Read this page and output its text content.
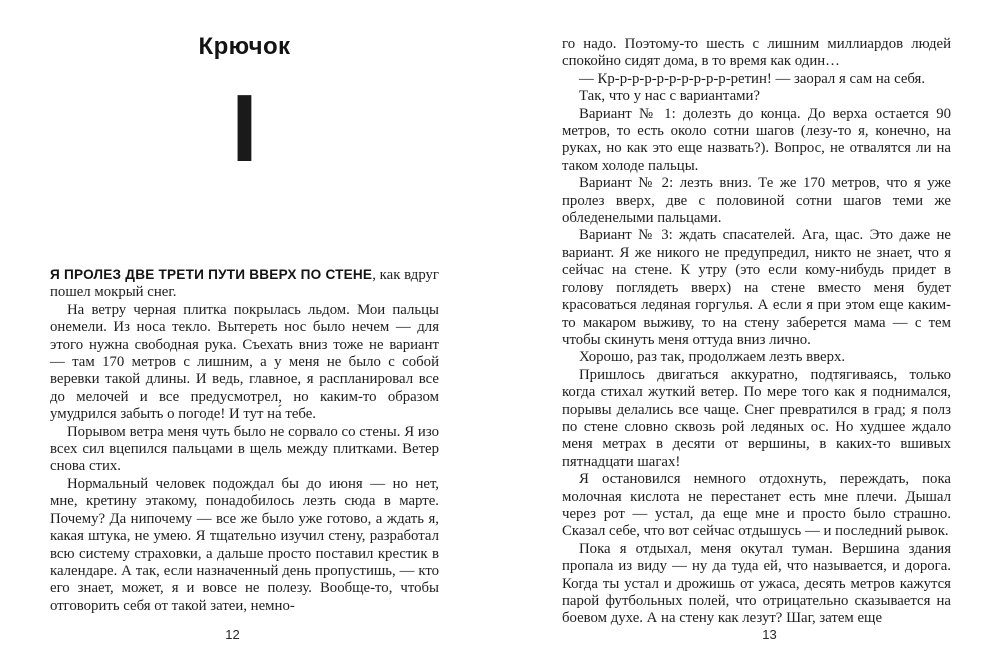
Крючок
I

Я ПРОЛЕЗ ДВЕ ТРЕТИ ПУТИ ВВЕРХ ПО СТЕНЕ, как вдруг пошел мокрый снег.

На ветру черная плитка покрылась льдом. Мои пальцы онемели. Из носа текло. Вытереть нос было нечем — для этого нужна свободная рука. Съехать вниз тоже не вариант — там 170 метров с лишним, а у меня не было с собой веревки такой длины. И ведь, главное, я распланировал все до мелочей и все предусмотрел, но каким-то образом умудрился забыть о погоде! И тут на́ тебе.

Порывом ветра меня чуть было не сорвало со стены. Я изо всех сил вцепился пальцами в щель между плитками. Ветер снова стих.

Нормальный человек подождал бы до июня — но нет, мне, кретину этакому, понадобилось лезть сюда в марте. Почему? Да нипочему — все же было уже готово, а ждать я, какая штука, не умею. Я тщательно изучил стену, разработал всю систему страховки, а дальше просто поставил крестик в календаре. А так, если назначенный день пропустишь, — кто его знает, может, я и вовсе не полезу. Вообще-то, чтобы отговорить себя от такой затеи, немно-

12

го надо. Поэтому-то шесть с лишним миллиардов людей спокойно сидят дома, в то время как один…

— Кр-р-р-р-р-р-р-р-р-р-ретин! — заорал я сам на себя.

Так, что у нас с вариантами?

Вариант № 1: долезть до конца. До верха остается 90 метров, то есть около сотни шагов (лезу-то я, конечно, на руках, но как это еще назвать?). Вопрос, не отвалятся ли на таком холоде пальцы.

Вариант № 2: лезть вниз. Те же 170 метров, что я уже пролез вверх, две с половиной сотни шагов теми же обледенелыми пальцами.

Вариант № 3: ждать спасателей. Ага, щас. Это даже не вариант. Я же никого не предупредил, никто не знает, что я сейчас на стене. К утру (это если кому-нибудь придет в голову поглядеть вверх) на стене вместо меня будет красоваться ледяная горгулья. А если я при этом еще каким-то макаром выживу, то на стену заберется мама — с тем чтобы скинуть меня оттуда вниз лично.

Хорошо, раз так, продолжаем лезть вверх.

Пришлось двигаться аккуратно, подтягиваясь, только когда стихал жуткий ветер. По мере того как я поднимался, порывы делались все чаще. Снег превратился в град; я полз по стене словно сквозь рой ледяных ос. Но худшее ждало меня метрах в десяти от вершины, в каких-то вшивых пятнадцати шагах!

Я остановился немного отдохнуть, переждать, пока молочная кислота не перестанет есть мне плечи. Дышал через рот — устал, да еще мне и просто было страшно. Сказал себе, что вот сейчас отдышусь — и последний рывок.

Пока я отдыхал, меня окутал туман. Вершина здания пропала из виду — ну да туда ей, что называется, и дорога. Когда ты устал и дрожишь от ужаса, десять метров кажутся парой футбольных полей, что отрицательно сказывается на боевом духе. А на стену как лезут? Шаг, затем еще

13
